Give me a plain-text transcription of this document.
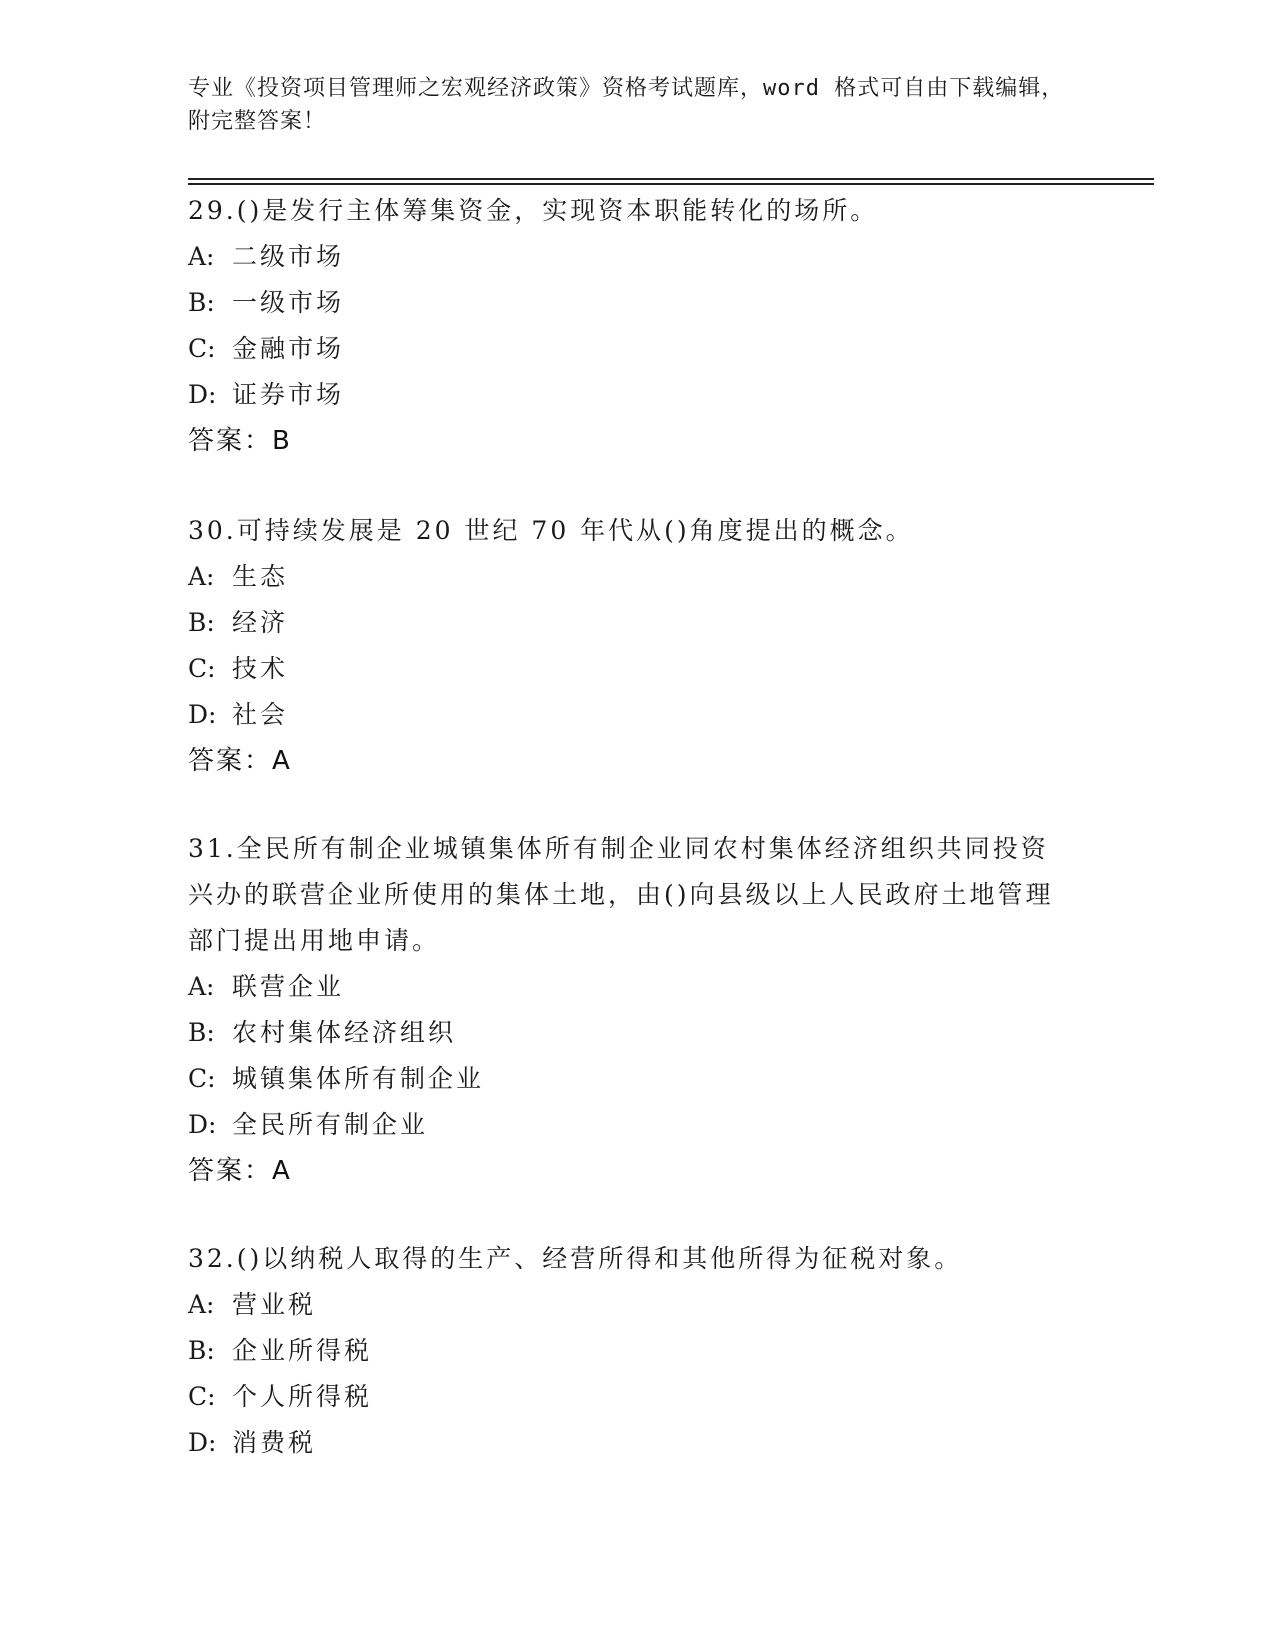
专业《投资项目管理师之宏观经济政策》资格考试题库，word 格式可自由下载编辑，附完整答案！

29.()是发行主体筹集资金，实现资本职能转化的场所。

A: 二级市场
B: 一级市场
C: 金融市场
D: 证券市场

答案：B

30.可持续发展是 20 世纪 70 年代从()角度提出的概念。

A: 生态
B: 经济
C: 技术
D: 社会

答案：A

31.全民所有制企业城镇集体所有制企业同农村集体经济组织共同投资兴办的联营企业所使用的集体土地，由()向县级以上人民政府土地管理部门提出用地申请。

A: 联营企业
B: 农村集体经济组织
C: 城镇集体所有制企业
D: 全民所有制企业

答案：A

32.()以纳税人取得的生产、经营所得和其他所得为征税对象。

A: 营业税
B: 企业所得税
C: 个人所得税
D: 消费税
